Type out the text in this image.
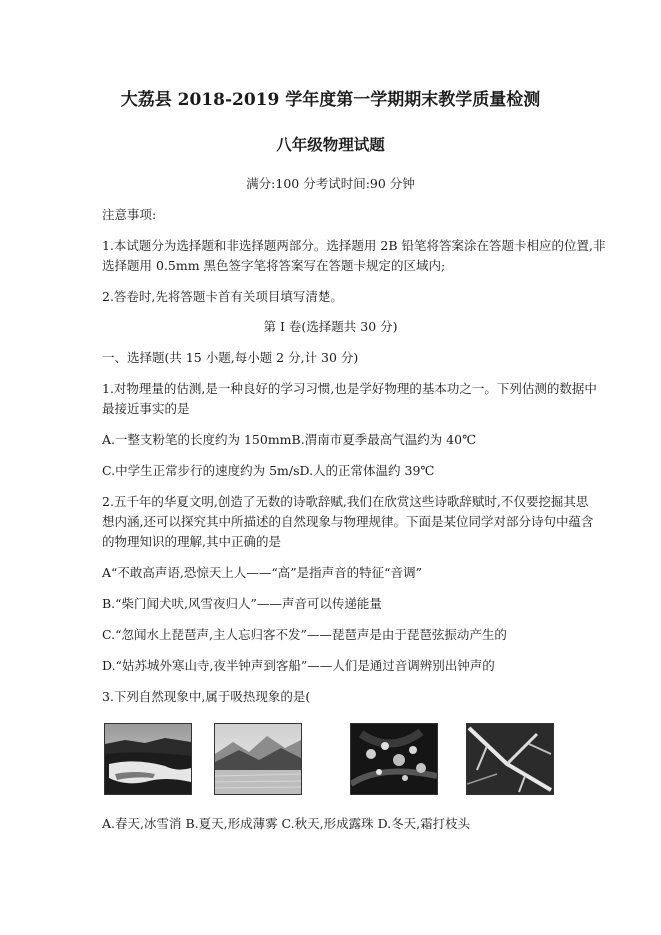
大荔县 2018-2019 学年度第一学期期末教学质量检测
八年级物理试题
满分:100 分考试时间:90 分钟
注意事项:
1.本试题分为选择题和非选择题两部分。选择题用 2B 铅笔将答案涂在答题卡相应的位置,非
选择题用 0.5mm 黑色签字笔将答案写在答题卡规定的区域内;
2.答卷时,先将答题卡首有关项目填写清楚。
第 I 卷(选择题共 30 分)
一、选择题(共 15 小题,每小题 2 分,计 30 分)
1.对物理量的估测,是一种良好的学习习惯,也是学好物理的基本功之一。下列估测的数据中
最接近事实的是
A.一整支粉笔的长度约为 150mmB.渭南市夏季最高气温约为 40℃
C.中学生正常步行的速度约为 5m/sD.人的正常体温约 39℃
2.五千年的华夏文明,创造了无数的诗歌辞赋,我们在欣赏这些诗歌辞赋时,不仅要挖掘其思
想内涵,还可以探究其中所描述的自然现象与物理规律。下面是某位同学对部分诗句中蕴含
的物理知识的理解,其中正确的是
A“不敢高声语,恐惊天上人——“高”是指声音的特征“音调”
B.“柴门闻犬吠,风雪夜归人”——声音可以传递能量
C.“忽闻水上琵琶声,主人忘归客不发”——琵琶声是由于琵琶弦振动产生的
D.“姑苏城外寒山寺,夜半钟声到客船”——人们是通过音调辨别出钟声的
3.下列自然现象中,属于吸热现象的是(
A.春天,冰雪消 B.夏天,形成薄雾 C.秋天,形成露珠 D.冬天,霜打枝头
